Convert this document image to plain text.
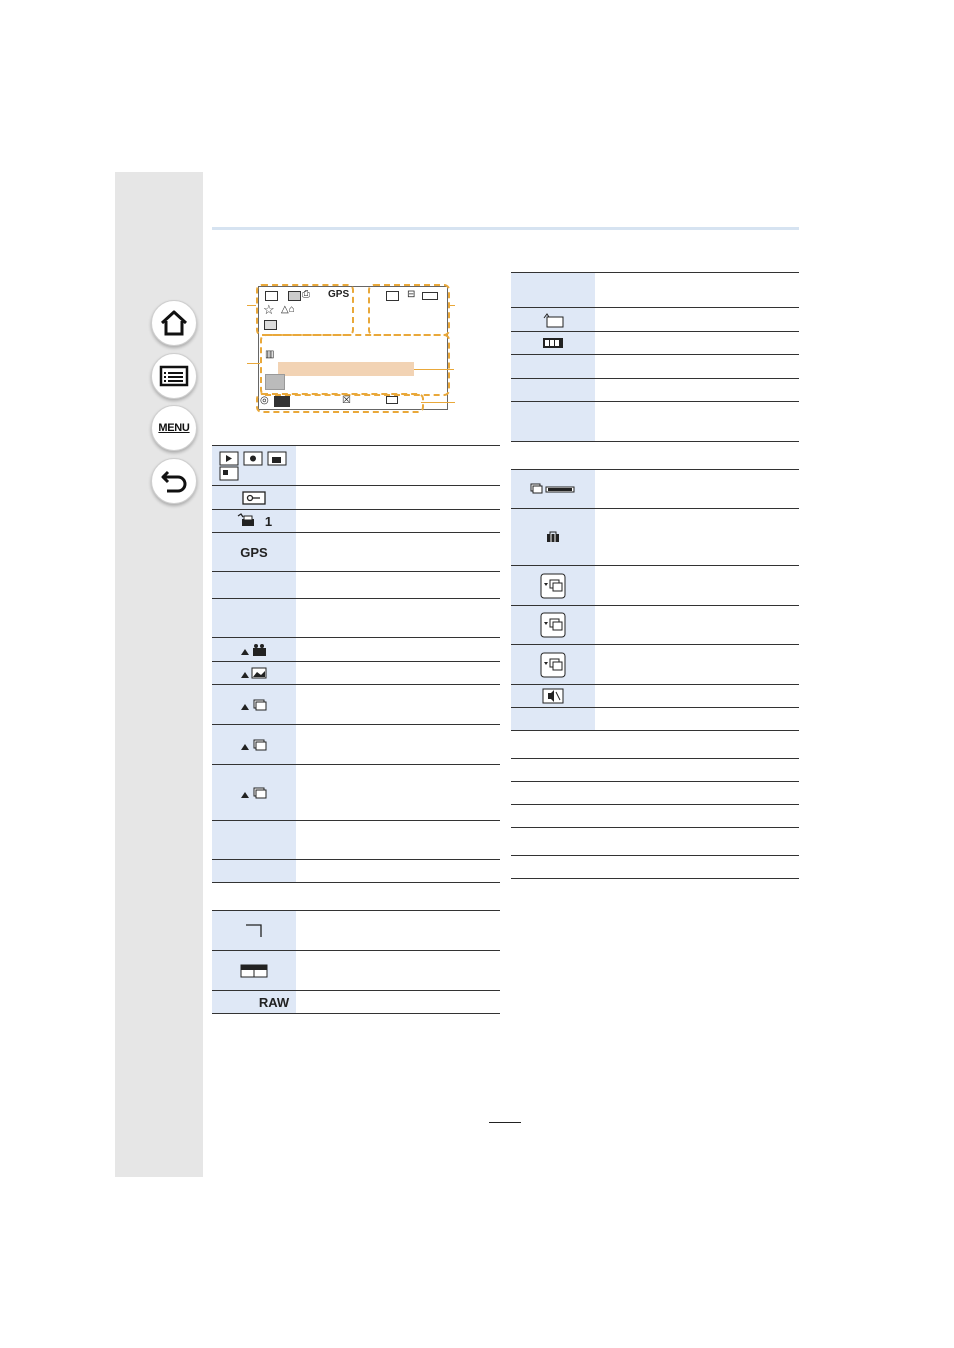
MENU
⎙ GPS
☆ △⌂
⊟
▥
◎	☒
1
GPS
RAW
